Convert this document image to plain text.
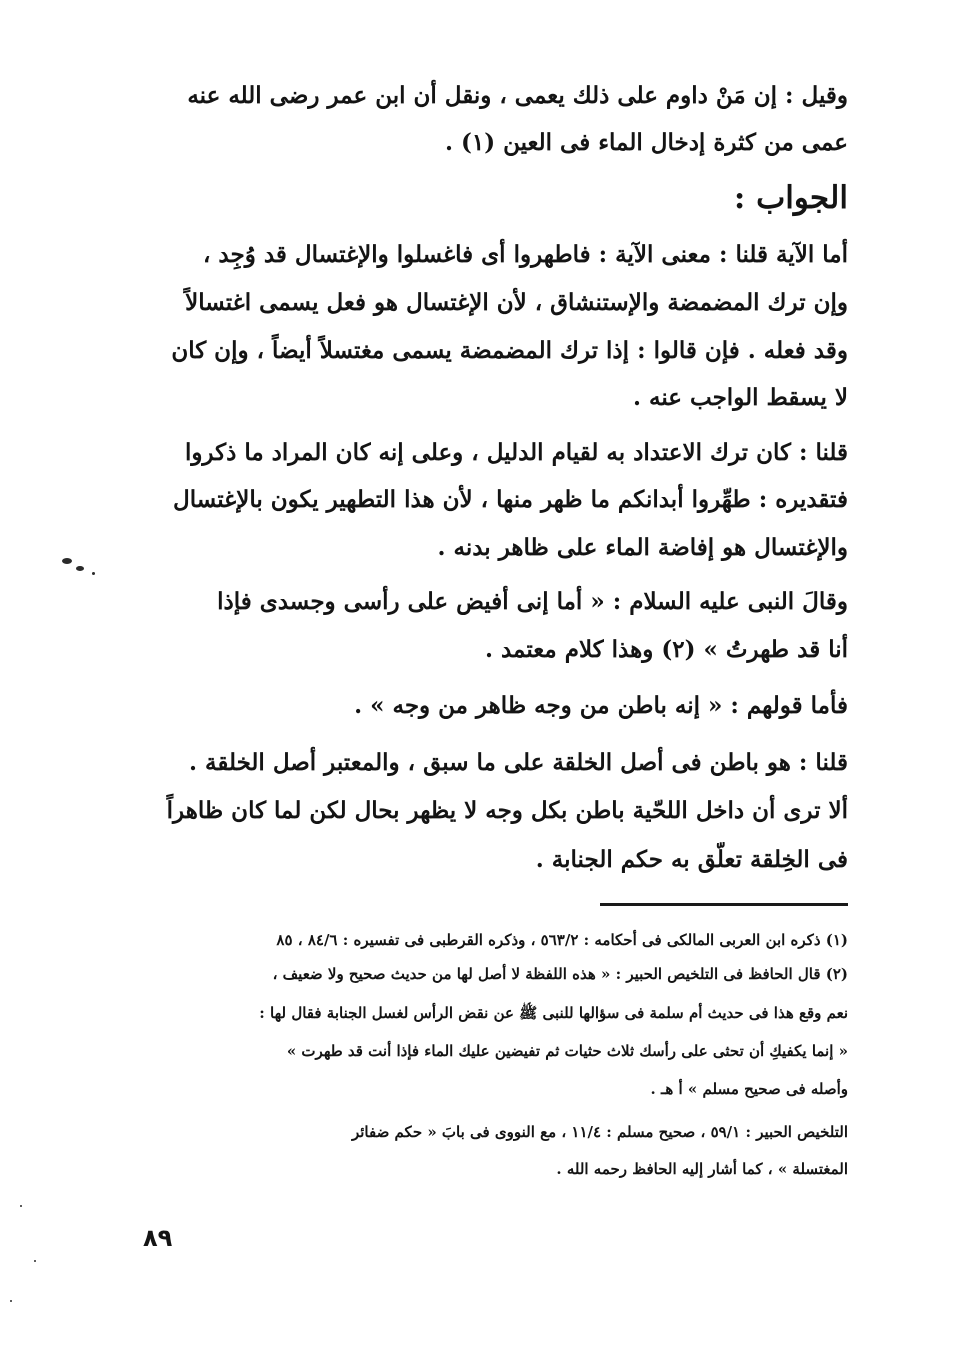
وقيل : إن مَنْ داوم على ذلك يعمى ، ونقل أن ابن عمر رضى الله عنه
عمى من كثرة إدخال الماء فى العين (١) .
الجواب :
أما الآية قلنا : معنى الآية : فاطهروا أى فاغسلوا والإغتسال قد وُجِد ،
وإن ترك المضمضة والإستنشاق ، لأن الإغتسال هو فعل يسمى اغتسالاً
وقد فعله . فإن قالوا : إذا ترك المضمضة يسمى مغتسلاً أيضاً ، وإن كان
لا يسقط الواجب عنه .
قلنا : كان ترك الاعتداد به لقيام الدليل ، وعلى إنه كان المراد ما ذكروا
فتقديره : طهِّروا أبدانكم ما ظهر منها ، لأن هذا التطهير يكون بالإغتسال
والإغتسال هو إفاضة الماء على ظاهر بدنه .
وقالَ النبى عليه السلام : « أما إنى أفيض على رأسى وجسدى فإذا
أنا قد طهرتُ » (٢) وهذا كلام معتمد .
فأما قولهم : « إنه باطن من وجه ظاهر من وجه » .
قلنا : هو باطن فى أصل الخلقة على ما سبق ، والمعتبر أصل الخلقة .
ألا ترى أن داخل اللحّية باطن بكل وجه لا يظهر بحال لكن لما كان ظاهراً
فى الخِلقة تعلّق به حكم الجنابة .
(١) ذكره ابن العربى المالكى فى أحكامه : ٥٦٣/٢ ، وذكره القرطبى فى تفسيره : ٨٤/٦ ، ٨٥
(٢) قال الحافظ فى التلخيص الحبير : « هذه اللفظة لا أصل لها من حديث صحيح ولا ضعيف ،
نعم وقع هذا فى حديث أم سلمة فى سؤالها للنبى ﷺ عن نقض الرأس لغسل الجنابة فقال لها :
« إنما يكفيكِ أن تحثى على رأسك ثلاث حثيات ثم تفيضين عليك الماء فإذا أنت قد طهرت »
وأصله فى صحيح مسلم » أ هـ .
التلخيص الحبير : ٥٩/١ ، صحيح مسلم : ١١/٤ ، مع النووى فى بابَ « حكم ضفائر
المغتسلة » ، كما أشار إليه الحافظ رحمه الله .
٨٩
